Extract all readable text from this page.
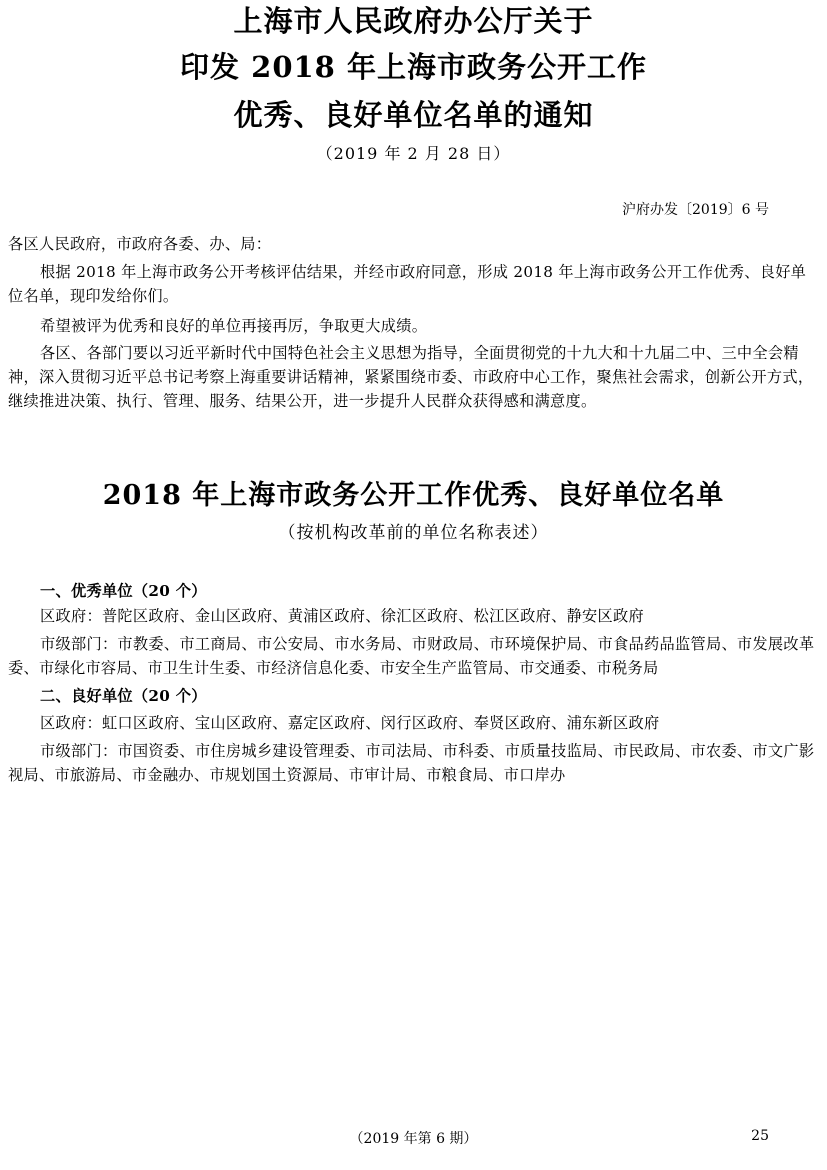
上海市人民政府办公厅关于
印发 2018 年上海市政务公开工作
优秀、良好单位名单的通知
（2019 年 2 月 28 日）
沪府办发〔2019〕6 号

各区人民政府，市政府各委、办、局：

根据 2018 年上海市政务公开考核评估结果，并经市政府同意，形成 2018 年上海市政务公开工作优秀、良好单位名单，现印发给你们。

希望被评为优秀和良好的单位再接再厉，争取更大成绩。

各区、各部门要以习近平新时代中国特色社会主义思想为指导，全面贯彻党的十九大和十九届二中、三中全会精神，深入贯彻习近平总书记考察上海重要讲话精神，紧紧围绕市委、市政府中心工作，聚焦社会需求，创新公开方式，继续推进决策、执行、管理、服务、结果公开，进一步提升人民群众获得感和满意度。

2018 年上海市政务公开工作优秀、良好单位名单
（按机构改革前的单位名称表述）

一、优秀单位（20 个）

区政府：普陀区政府、金山区政府、黄浦区政府、徐汇区政府、松江区政府、静安区政府

市级部门：市教委、市工商局、市公安局、市水务局、市财政局、市环境保护局、市食品药品监管局、市发展改革委、市绿化市容局、市卫生计生委、市经济信息化委、市安全生产监管局、市交通委、市税务局

二、良好单位（20 个）

区政府：虹口区政府、宝山区政府、嘉定区政府、闵行区政府、奉贤区政府、浦东新区政府

市级部门：市国资委、市住房城乡建设管理委、市司法局、市科委、市质量技监局、市民政局、市农委、市文广影视局、市旅游局、市金融办、市规划国土资源局、市审计局、市粮食局、市口岸办

（2019 年第 6 期）	25
